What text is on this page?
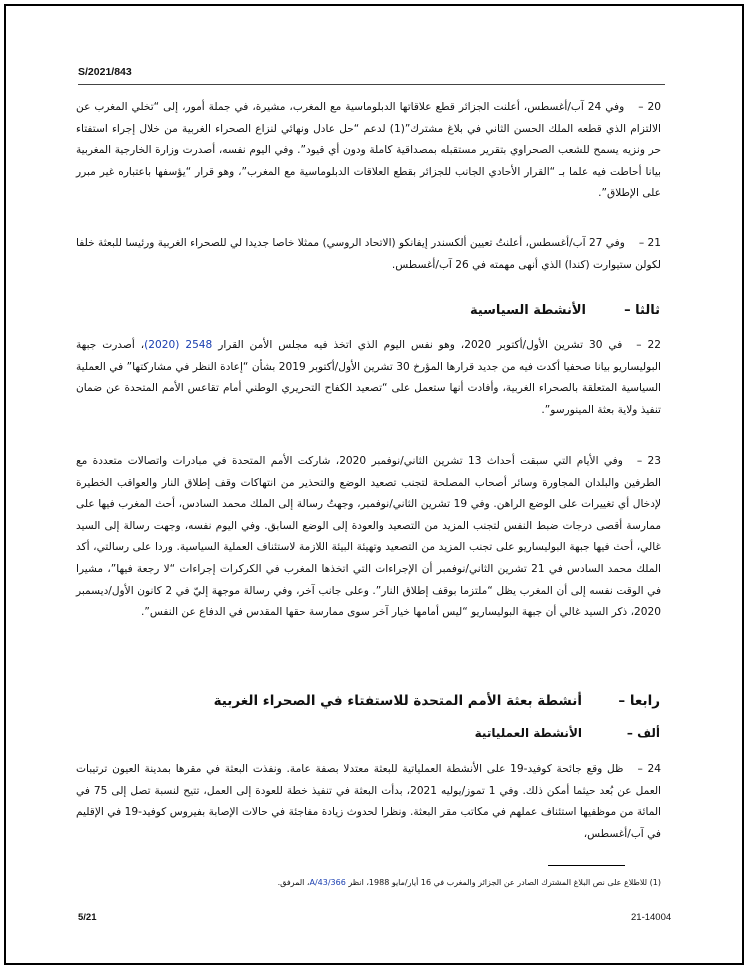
S/2021/843
20 –وفي 24 آب/أغسطس، أعلنت الجزائر قطع علاقاتها الدبلوماسية مع المغرب، مشيرة، في جملة أمور، إلى “تخلي المغرب عن الالتزام الذي قطعه الملك الحسن الثاني في بلاغ مشترك”(1) لدعم “حل عادل ونهائي لنزاع الصحراء الغربية من خلال إجراء استفتاء حر ونزيه يسمح للشعب الصحراوي بتقرير مستقبله بمصداقية كاملة ودون أي قيود”. وفي اليوم نفسه، أصدرت وزارة الخارجية المغربية بيانا أحاطت فيه علما بـ “القرار الأحادي الجانب للجزائر بقطع العلاقات الدبلوماسية مع المغرب”، وهو قرار “يؤسفها باعتباره غير مبرر على الإطلاق”.
21 –وفي 27 آب/أغسطس، أعلنتُ تعيين ألكسندر إيفانكو (الاتحاد الروسي) ممثلا خاصا جديدا لي للصحراء الغربية ورئيسا للبعثة خلفا لكولن ستيوارت (كندا) الذي أنهى مهمته في 26 آب/أغسطس.
ثالثا –الأنشطة السياسية
22 –في 30 تشرين الأول/أكتوبر 2020، وهو نفس اليوم الذي اتخذ فيه مجلس الأمن القرار 2548 (2020)، أصدرت جبهة البوليساريو بيانا صحفيا أكدت فيه من جديد قرارها المؤرخ 30 تشرين الأول/أكتوبر 2019 بشأن “إعادة النظر في مشاركتها” في العملية السياسية المتعلقة بالصحراء الغربية، وأفادت أنها ستعمل على “تصعيد الكفاح التحريري الوطني أمام تقاعس الأمم المتحدة عن ضمان تنفيذ ولاية بعثة المينورسو”.
23 –وفي الأيام التي سبقت أحداث 13 تشرين الثاني/نوفمبر 2020، شاركت الأمم المتحدة في مبادرات واتصالات متعددة مع الطرفين والبلدان المجاورة وسائر أصحاب المصلحة لتجنب تصعيد الوضع والتحذير من انتهاكات وقف إطلاق النار والعواقب الخطيرة لإدخال أي تغييرات على الوضع الراهن. وفي 19 تشرين الثاني/نوفمبر، وجهتُ رسالة إلى الملك محمد السادس، أحث المغرب فيها على ممارسة أقصى درجات ضبط النفس لتجنب المزيد من التصعيد والعودة إلى الوضع السابق. وفي اليوم نفسه، وجهت رسالة إلى السيد غالي، أحث فيها جبهة البوليساريو على تجنب المزيد من التصعيد وتهيئة البيئة اللازمة لاستئناف العملية السياسية. وردا على رسالتي، أكد الملك محمد السادس في 21 تشرين الثاني/نوفمبر أن الإجراءات التي اتخذها المغرب في الكركرات إجراءات “لا رجعة فيها”، مشيرا في الوقت نفسه إلى أن المغرب يظل “ملتزما بوقف إطلاق النار”. وعلى جانب آخر، وفي رسالة موجهة إليّ في 2 كانون الأول/ديسمبر 2020، ذكر السيد غالي أن جبهة البوليساريو “ليس أمامها خيار آخر سوى ممارسة حقها المقدس في الدفاع عن النفس”.
رابعا –أنشطة بعثة الأمم المتحدة للاستفتاء في الصحراء الغربية
ألف –الأنشطة العملياتية
24 –ظل وقع جائحة كوفيد-19 على الأنشطة العملياتية للبعثة معتدلا بصفة عامة. ونفذت البعثة في مقرها بمدينة العيون ترتيبات العمل عن بُعد حيثما أمكن ذلك. وفي 1 تموز/يوليه 2021، بدأت البعثة في تنفيذ خطة للعودة إلى العمل، تتيح لنسبة تصل إلى 75 في المائة من موظفيها استئناف عملهم في مكاتب مقر البعثة. ونظرا لحدوث زيادة مفاجئة في حالات الإصابة بفيروس كوفيد-19 في الإقليم في آب/أغسطس،
(1) للاطلاع على نص البلاغ المشترك الصادر عن الجزائر والمغرب في 16 أيار/مايو 1988، انظر A/43/366، المرفق.
5/21	21-14004
